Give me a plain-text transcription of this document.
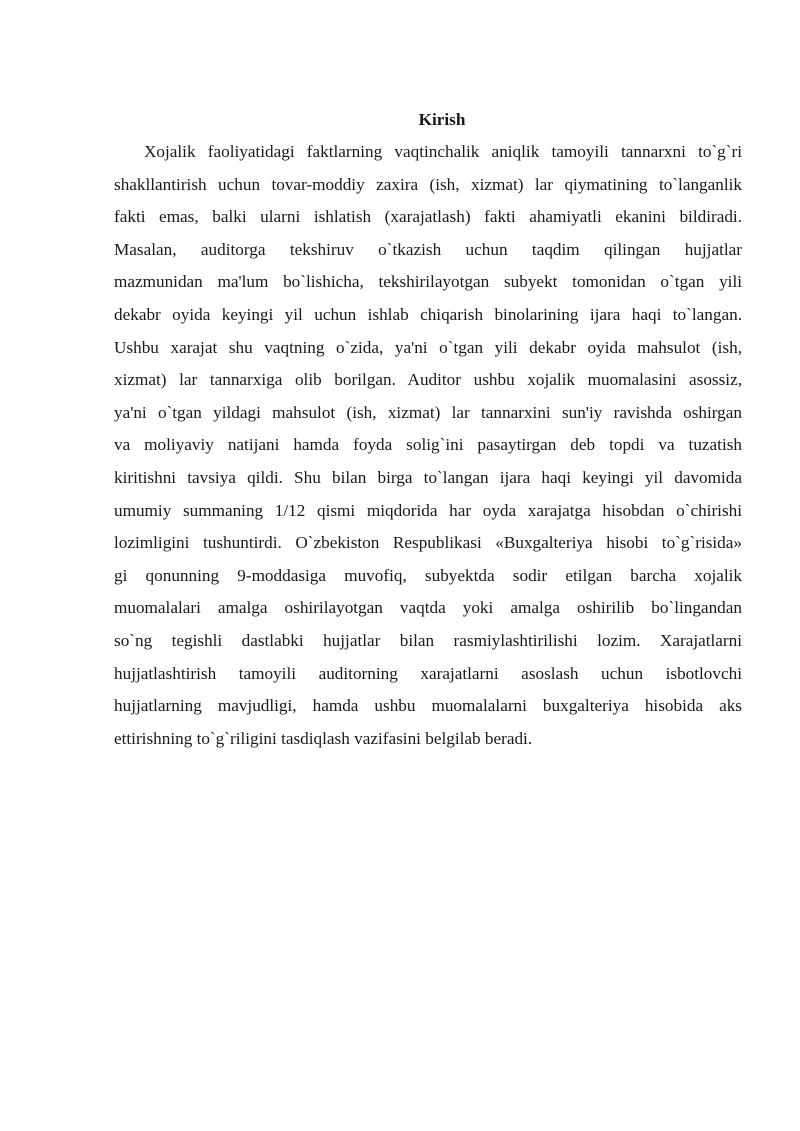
Kirish
Xojalik faoliyatidagi faktlarning vaqtinchalik aniqlik tamoyili tannarxni to`g`ri
shakllantirish uchun tovar-moddiy zaxira (ish, xizmat) lar qiymatining to`langanlik
fakti emas, balki ularni ishlatish (xarajatlash) fakti ahamiyatli ekanini bildiradi.
Masalan, auditorga tekshiruv o`tkazish uchun taqdim qilingan hujjatlar
mazmunidan ma'lum bo`lishicha, tekshirilayotgan subyekt tomonidan o`tgan yili
dekabr oyida keyingi yil uchun ishlab chiqarish binolarining ijara haqi to`langan.
Ushbu xarajat shu vaqtning o`zida, ya'ni o`tgan yili dekabr oyida mahsulot (ish,
xizmat) lar tannarxiga olib borilgan. Auditor ushbu xojalik muomalasini asossiz,
ya'ni o`tgan yildagi mahsulot (ish, xizmat) lar tannarxini sun'iy ravishda oshirgan
va moliyaviy natijani hamda foyda solig`ini pasaytirgan deb topdi va tuzatish
kiritishni tavsiya qildi. Shu bilan birga to`langan ijara haqi keyingi yil davomida
umumiy summaning 1/12 qismi miqdorida har oyda xarajatga hisobdan o`chirishi
lozimligini tushuntirdi. O`zbekiston Respublikasi «Buxgalteriya hisobi to`g`risida»
gi qonunning 9-moddasiga muvofiq, subyektda sodir etilgan barcha xojalik
muomalalari amalga oshirilayotgan vaqtda yoki amalga oshirilib bo`lingandan
so`ng tegishli dastlabki hujjatlar bilan rasmiylashtirilishi lozim. Xarajatlarni
hujjatlashtirish tamoyili auditorning xarajatlarni asoslash uchun isbotlovchi
hujjatlarning mavjudligi, hamda ushbu muomalalarni buxgalteriya hisobida aks
ettirishning to`g`riligini tasdiqlash vazifasini belgilab beradi.
